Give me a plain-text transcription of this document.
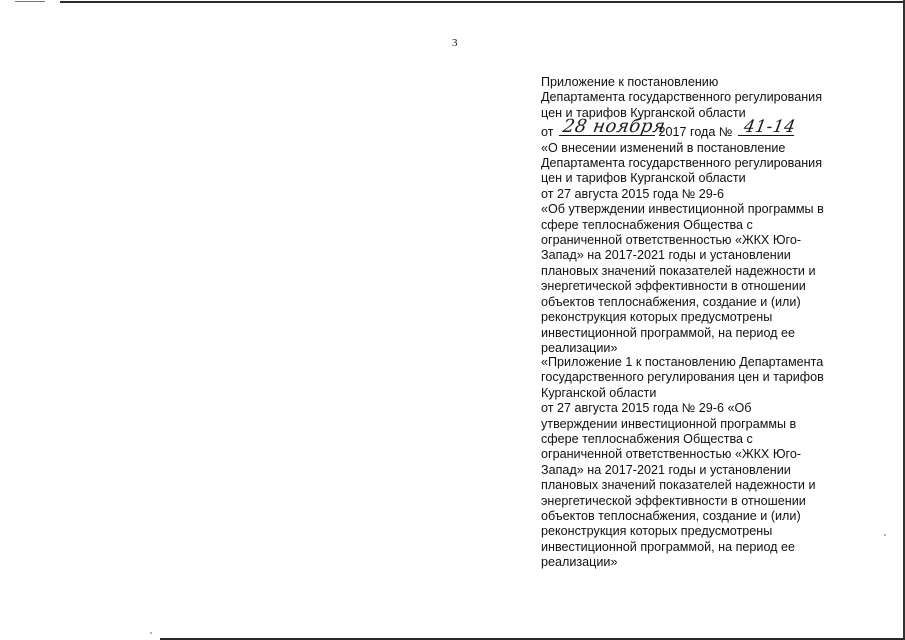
3
Приложение к постановлению
Департамента государственного регулирования
цен и тарифов Курганской области
от 28 ноября
2017 года № 41-14
«О внесении изменений в постановление
Департамента государственного регулирования
цен и тарифов Курганской области
от 27 августа 2015 года № 29-6
«Об утверждении инвестиционной программы в
сфере теплоснабжения Общества с
ограниченной ответственностью «ЖКХ Юго-
Запад» на 2017-2021 годы и установлении
плановых значений показателей надежности и
энергетической эффективности в отношении
объектов теплоснабжения, создание и (или)
реконструкция которых предусмотрены
инвестиционной программой, на период ее
реализации»
«Приложение 1 к постановлению Департамента
государственного регулирования цен и тарифов
Курганской области
от 27 августа 2015 года № 29-6 «Об
утверждении инвестиционной программы в
сфере теплоснабжения Общества с
ограниченной ответственностью «ЖКХ Юго-
Запад» на 2017-2021 годы и установлении
плановых значений показателей надежности и
энергетической эффективности в отношении
объектов теплоснабжения, создание и (или)
реконструкция которых предусмотрены
инвестиционной программой, на период ее
реализации»
